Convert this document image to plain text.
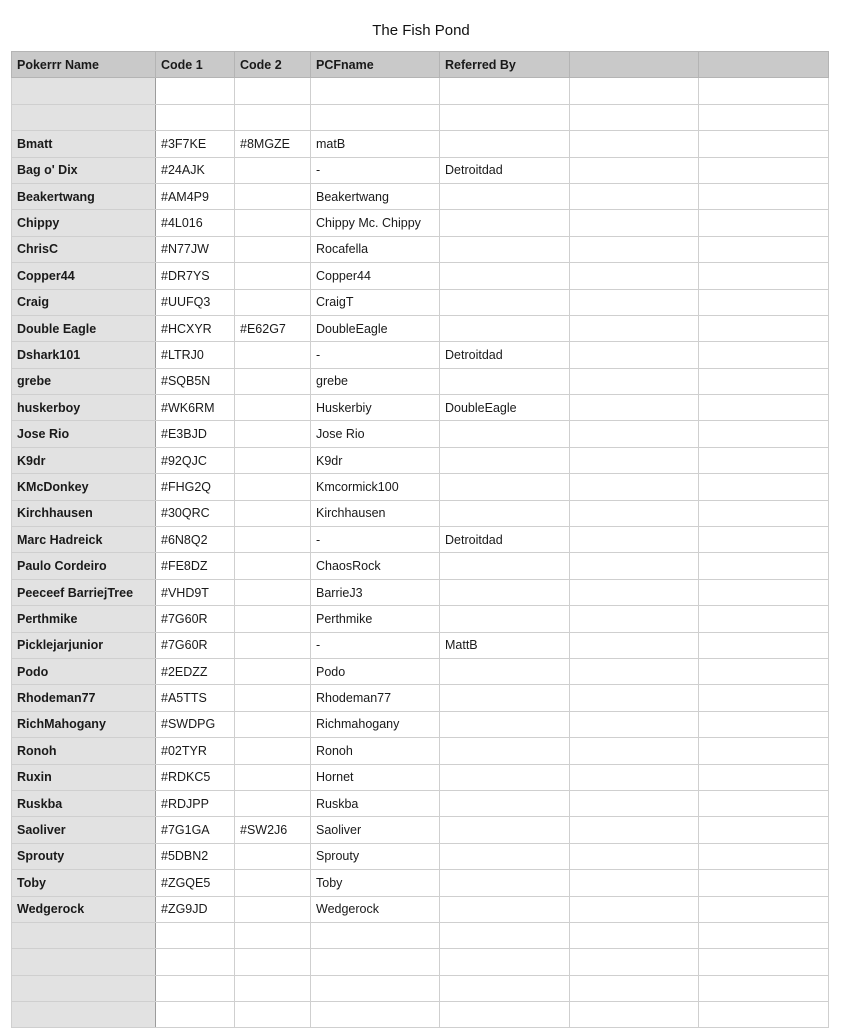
The Fish Pond
Pokerrr Name	Code 1	Code 2	PCFname	Referred By		

Bmatt	#3F7KE	#8MGZE	matB			
Bag o' Dix	#24AJK		-	Detroitdad		
Beakertwang	#AM4P9		Beakertwang			
Chippy	#4L016		Chippy Mc. Chippy			
ChrisC	#N77JW		Rocafella			
Copper44	#DR7YS		Copper44			
Craig	#UUFQ3		CraigT			
Double Eagle	#HCXYR	#E62G7	DoubleEagle			
Dshark101	#LTRJ0		-	Detroitdad		
grebe	#SQB5N		grebe			
huskerboy	#WK6RM		Huskerbiy	DoubleEagle		
Jose Rio	#E3BJD		Jose Rio			
K9dr	#92QJC		K9dr			
KMcDonkey	#FHG2Q		Kmcormick100			
Kirchhausen	#30QRC		Kirchhausen			
Marc Hadreick	#6N8Q2		-	Detroitdad		
Paulo Cordeiro	#FE8DZ		ChaosRock			
Peeceef BarriejTree	#VHD9T		BarrieJ3			
Perthmike	#7G60R		Perthmike			
Picklejarjunior	#7G60R		-	MattB		
Podo	#2EDZZ		Podo			
Rhodeman77	#A5TTS		Rhodeman77			
RichMahogany	#SWDPG		Richmahogany			
Ronoh	#02TYR		Ronoh			
Ruxin	#RDKC5		Hornet			
Ruskba	#RDJPP		Ruskba			
Saoliver	#7G1GA	#SW2J6	Saoliver			
Sprouty	#5DBN2		Sprouty			
Toby	#ZGQE5		Toby			
Wedgerock	#ZG9JD		Wedgerock			
